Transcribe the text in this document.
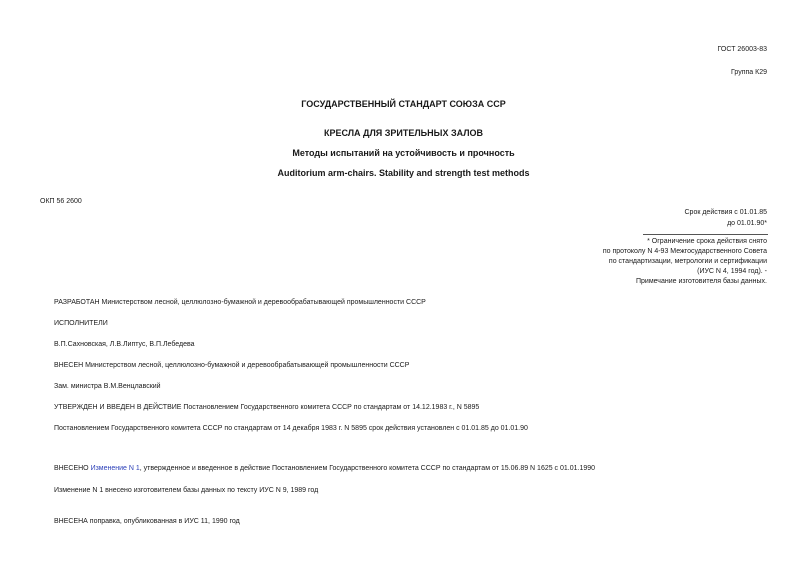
ГОСТ 26003-83
Группа К29
ГОСУДАРСТВЕННЫЙ СТАНДАРТ СОЮЗА ССР
КРЕСЛА ДЛЯ ЗРИТЕЛЬНЫХ ЗАЛОВ
Методы испытаний на устойчивость и прочность
Auditorium arm-chairs. Stability and strength test methods
ОКП 56 2600
Срок действия с 01.01.85
до 01.01.90*
* Ограничение срока действия снято
по протоколу N 4-93 Межгосударственного Совета
по стандартизации, метрологии и сертификации
(ИУС N 4, 1994 год). -
Примечание изготовителя базы данных.
РАЗРАБОТАН Министерством лесной, целлюлозно-бумажной и деревообрабатывающей промышленности СССР
ИСПОЛНИТЕЛИ
В.П.Сахновская, Л.В.Липтус, В.П.Лебедева
ВНЕСЕН Министерством лесной, целлюлозно-бумажной и деревообрабатывающей промышленности СССР
Зам. министра В.М.Венцлавский
УТВЕРЖДЕН И ВВЕДЕН В ДЕЙСТВИЕ Постановлением Государственного комитета СССР по стандартам от 14.12.1983 г., N 5895
Постановлением Государственного комитета СССР по стандартам от 14 декабря 1983 г. N 5895 срок действия установлен с 01.01.85 до 01.01.90
ВНЕСЕНО Изменение N 1, утвержденное и введенное в действие Постановлением Государственного комитета СССР по стандартам от 15.06.89 N 1625 с 01.01.1990
Изменение N 1 внесено изготовителем базы данных по тексту ИУС N 9, 1989 год
ВНЕСЕНА поправка, опубликованная в ИУС 11, 1990 год
